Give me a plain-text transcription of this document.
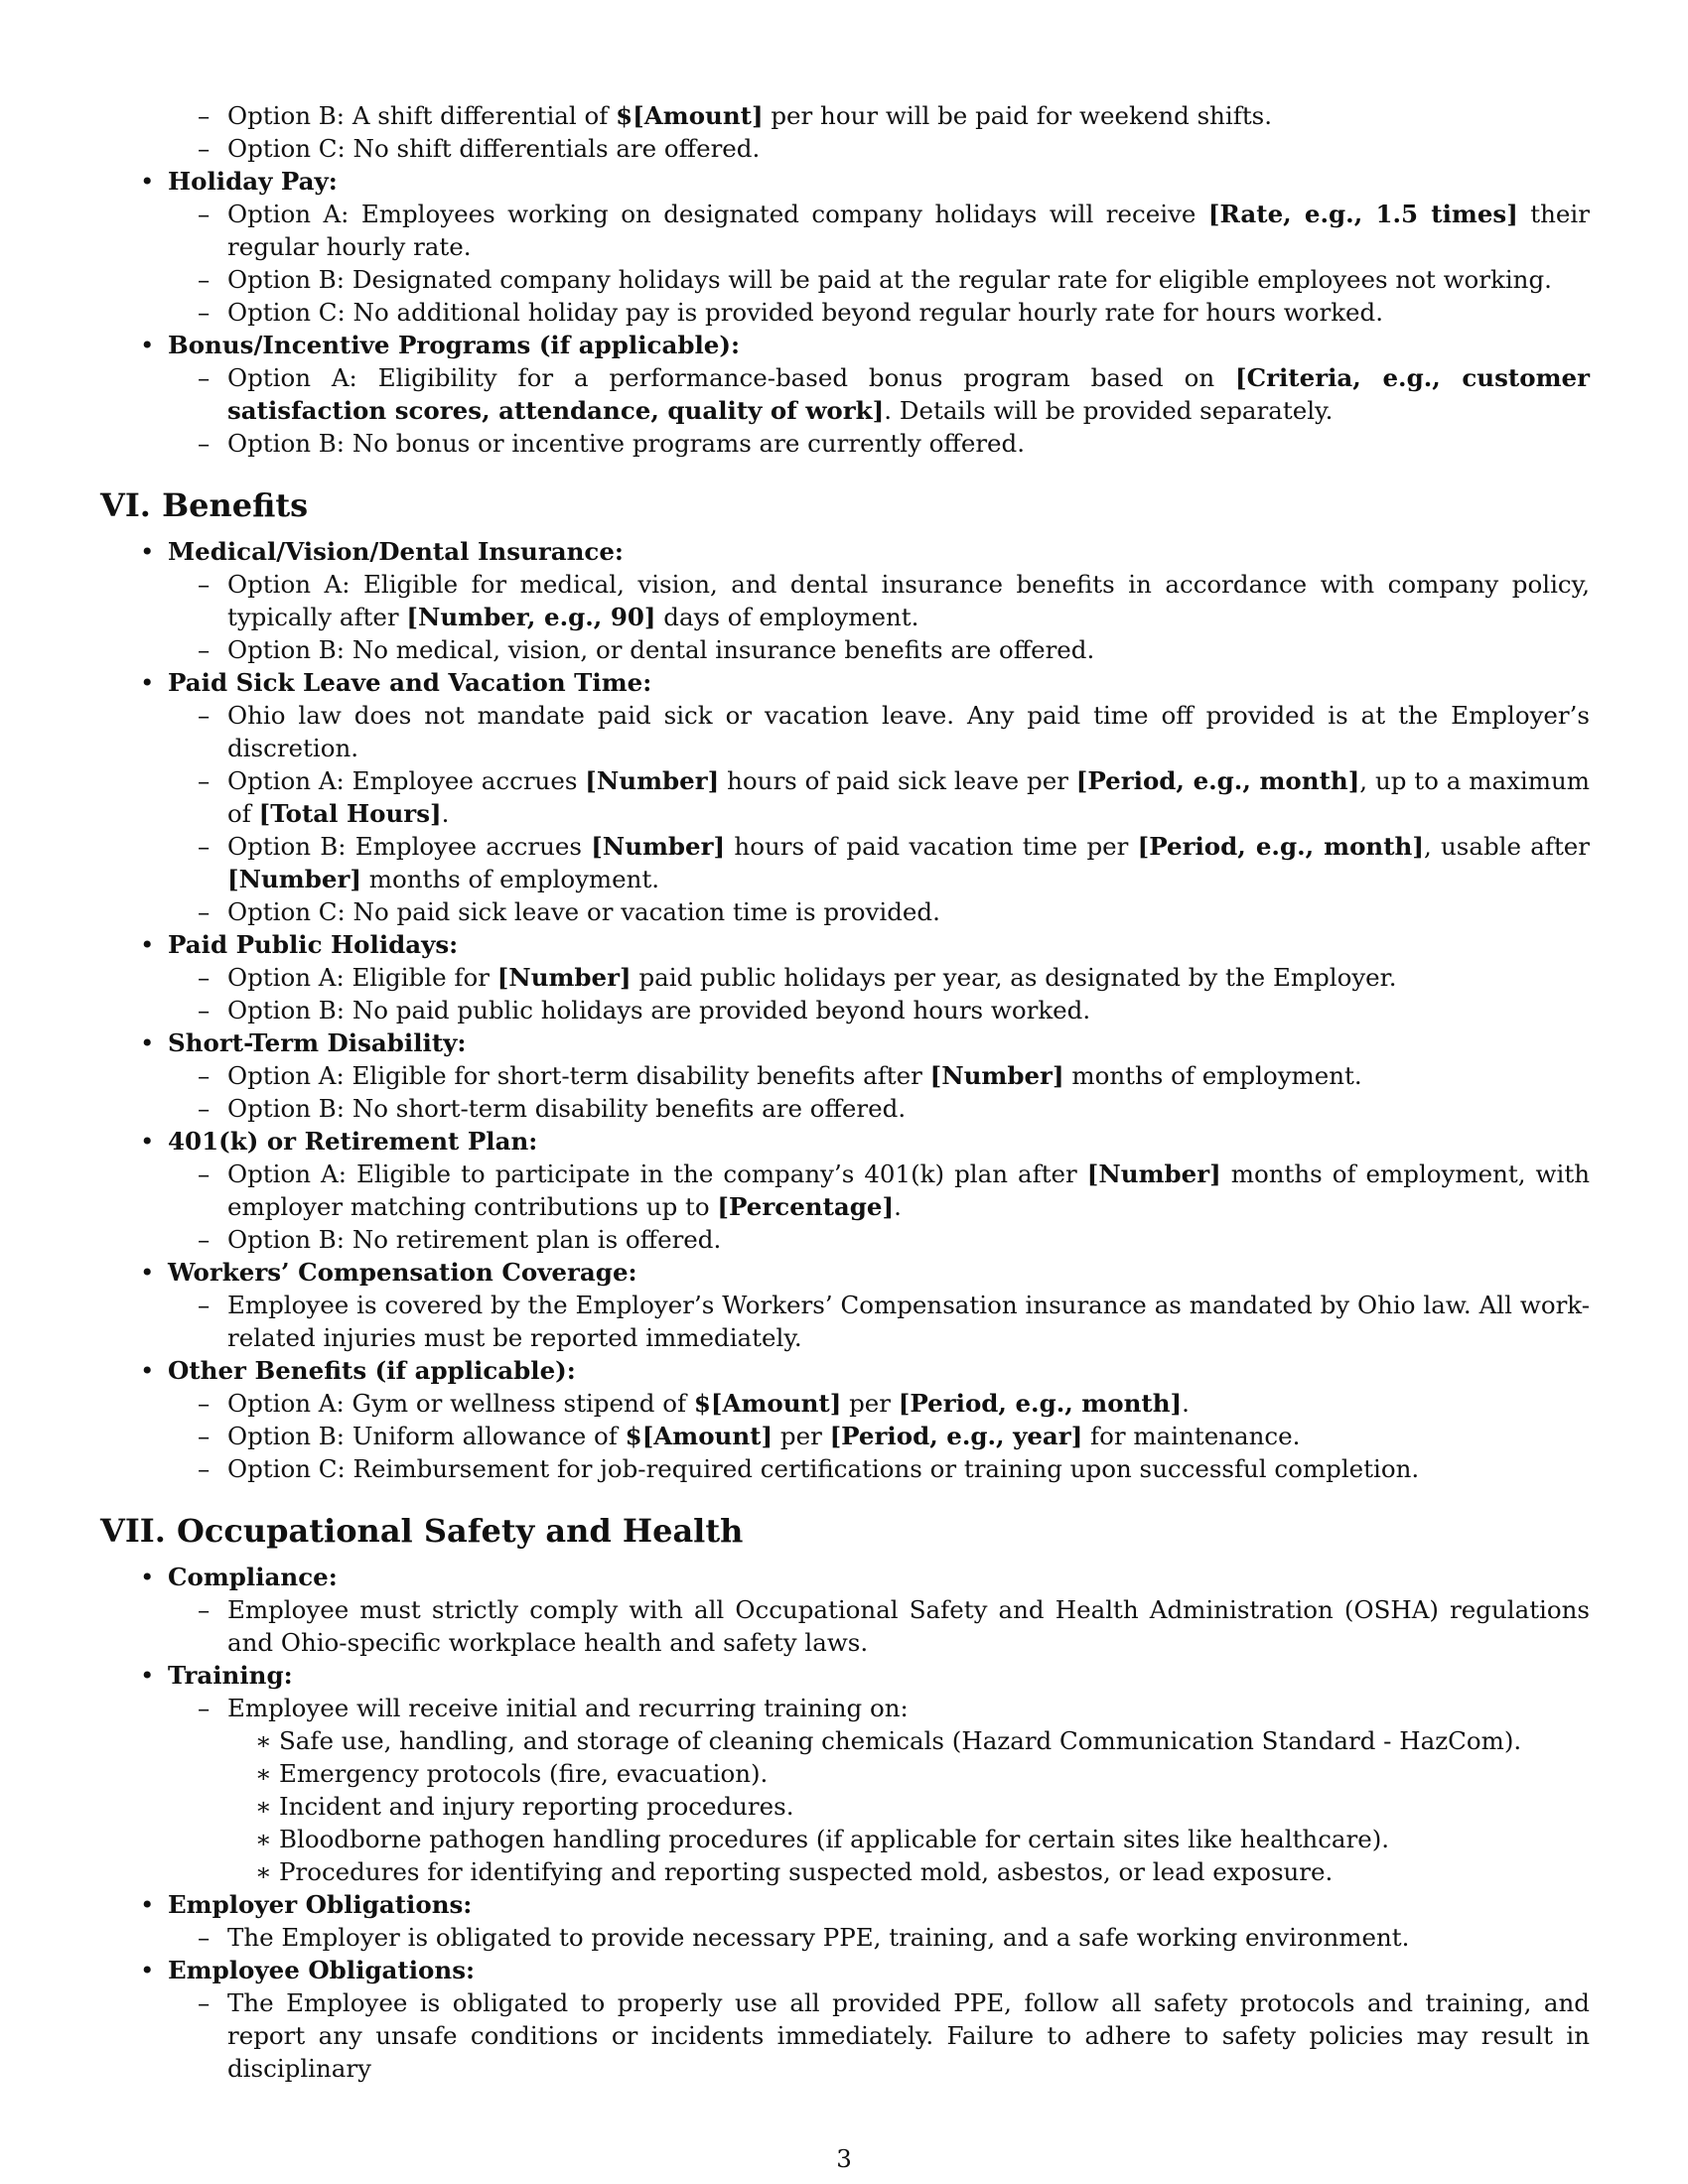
– Option B: A shift differential of $[Amount] per hour will be paid for weekend shifts.
– Option C: No shift differentials are offered.
• Holiday Pay:
– Option A: Employees working on designated company holidays will receive [Rate, e.g., 1.5 times] their regular hourly rate.
– Option B: Designated company holidays will be paid at the regular rate for eligible employees not working.
– Option C: No additional holiday pay is provided beyond regular hourly rate for hours worked.
• Bonus/Incentive Programs (if applicable):
– Option A: Eligibility for a performance-based bonus program based on [Criteria, e.g., customer satisfaction scores, attendance, quality of work]. Details will be provided separately.
– Option B: No bonus or incentive programs are currently offered.
VI. Benefits
• Medical/Vision/Dental Insurance:
– Option A: Eligible for medical, vision, and dental insurance benefits in accordance with company policy, typically after [Number, e.g., 90] days of employment.
– Option B: No medical, vision, or dental insurance benefits are offered.
• Paid Sick Leave and Vacation Time:
– Ohio law does not mandate paid sick or vacation leave. Any paid time off provided is at the Employer’s discretion.
– Option A: Employee accrues [Number] hours of paid sick leave per [Period, e.g., month], up to a maximum of [Total Hours].
– Option B: Employee accrues [Number] hours of paid vacation time per [Period, e.g., month], usable after [Number] months of employment.
– Option C: No paid sick leave or vacation time is provided.
• Paid Public Holidays:
– Option A: Eligible for [Number] paid public holidays per year, as designated by the Employer.
– Option B: No paid public holidays are provided beyond hours worked.
• Short-Term Disability:
– Option A: Eligible for short-term disability benefits after [Number] months of employment.
– Option B: No short-term disability benefits are offered.
• 401(k) or Retirement Plan:
– Option A: Eligible to participate in the company’s 401(k) plan after [Number] months of employment, with employer matching contributions up to [Percentage].
– Option B: No retirement plan is offered.
• Workers’ Compensation Coverage:
– Employee is covered by the Employer’s Workers’ Compensation insurance as mandated by Ohio law. All work-related injuries must be reported immediately.
• Other Benefits (if applicable):
– Option A: Gym or wellness stipend of $[Amount] per [Period, e.g., month].
– Option B: Uniform allowance of $[Amount] per [Period, e.g., year] for maintenance.
– Option C: Reimbursement for job-required certifications or training upon successful completion.
VII. Occupational Safety and Health
• Compliance:
– Employee must strictly comply with all Occupational Safety and Health Administration (OSHA) regulations and Ohio-specific workplace health and safety laws.
• Training:
– Employee will receive initial and recurring training on:
∗ Safe use, handling, and storage of cleaning chemicals (Hazard Communication Standard - HazCom).
∗ Emergency protocols (fire, evacuation).
∗ Incident and injury reporting procedures.
∗ Bloodborne pathogen handling procedures (if applicable for certain sites like healthcare).
∗ Procedures for identifying and reporting suspected mold, asbestos, or lead exposure.
• Employer Obligations:
– The Employer is obligated to provide necessary PPE, training, and a safe working environment.
• Employee Obligations:
– The Employee is obligated to properly use all provided PPE, follow all safety protocols and training, and report any unsafe conditions or incidents immediately. Failure to adhere to safety policies may result in disciplinary
3
